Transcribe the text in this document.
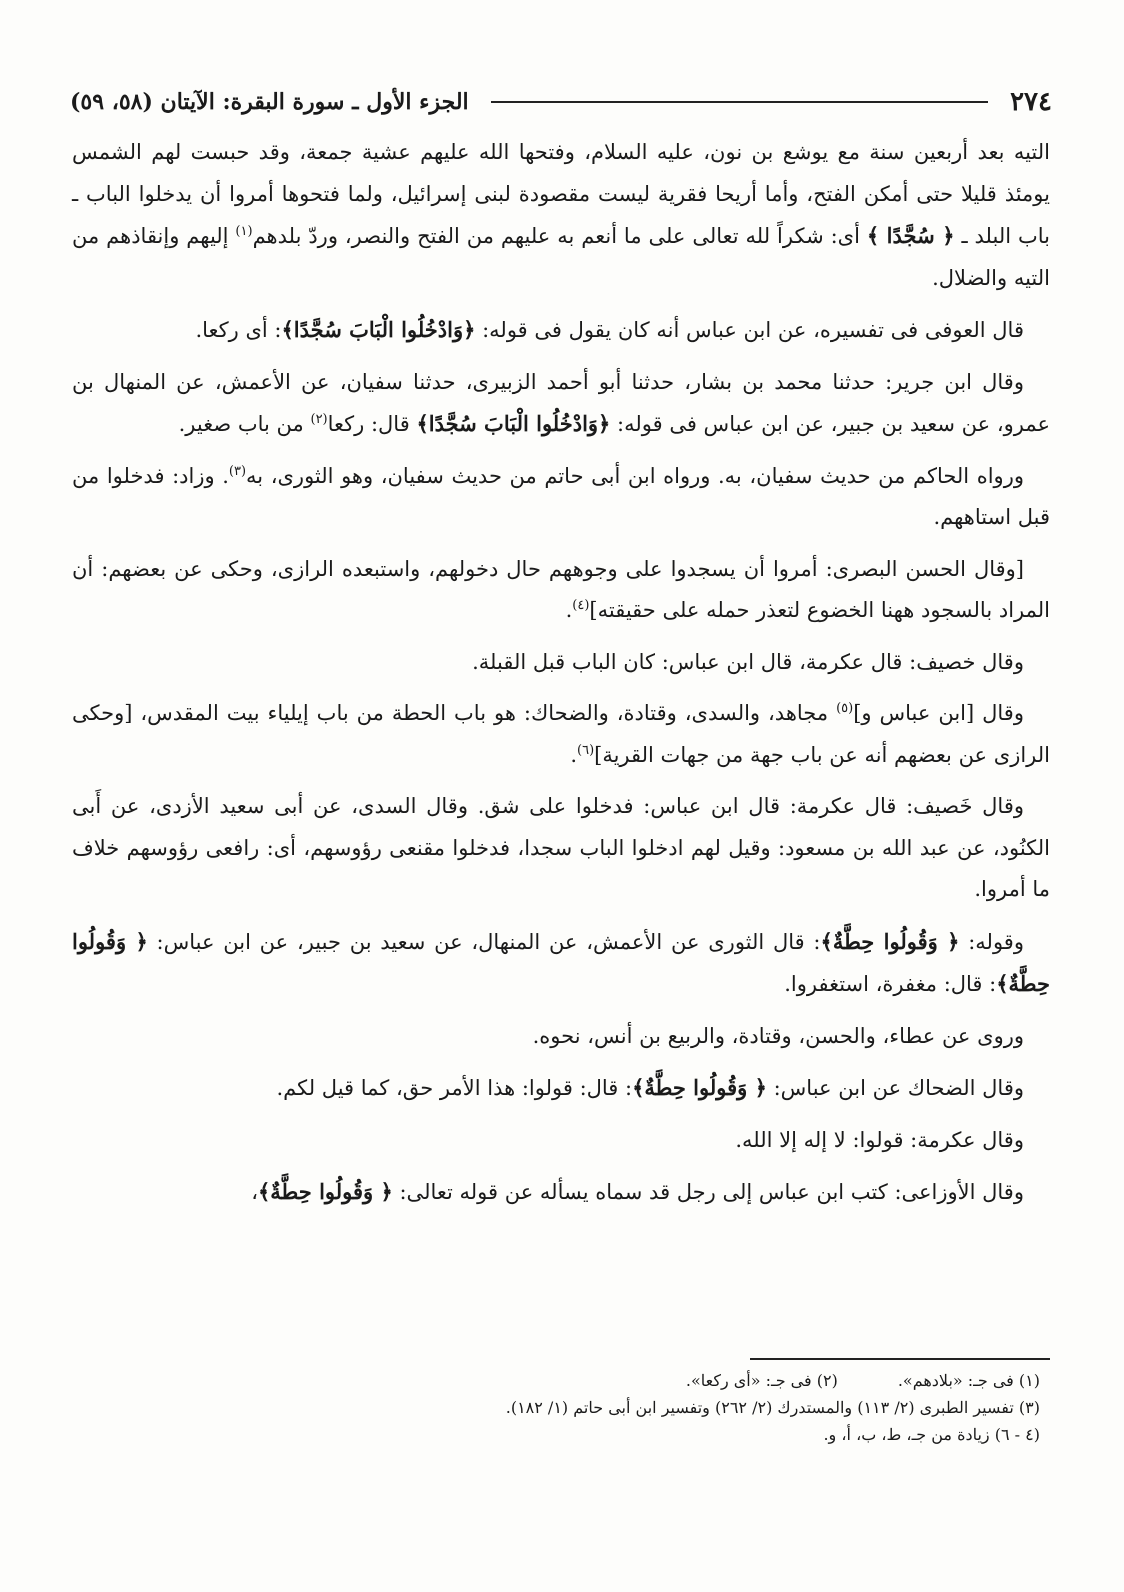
٢٧٤
الجزء الأول ـ سورة البقرة: الآيتان (٥٨، ٥٩)

التيه بعد أربعين سنة مع يوشع بن نون، عليه السلام، وفتحها الله عليهم عشية جمعة، وقد حبست لهم الشمس يومئذ قليلا حتى أمكن الفتح، وأما أريحا فقرية ليست مقصودة لبنى إسرائيل، ولما فتحوها أمروا أن يدخلوا الباب ـ باب البلد ـ ﴿ سُجَّدًا ﴾ أى: شكراً لله تعالى على ما أنعم به عليهم من الفتح والنصر، وردّ بلدهم$^{(١)}$ إليهم وإنقاذهم من التيه والضلال.

قال العوفى فى تفسيره، عن ابن عباس أنه كان يقول فى قوله: ﴿وَادْخُلُوا الْبَابَ سُجَّدًا﴾: أى ركعا.

وقال ابن جرير: حدثنا محمد بن بشار، حدثنا أبو أحمد الزبيرى، حدثنا سفيان، عن الأعمش، عن المنهال بن عمرو، عن سعيد بن جبير، عن ابن عباس فى قوله: ﴿وَادْخُلُوا الْبَابَ سُجَّدًا﴾ قال: ركعا$^{(٢)}$ من باب صغير.

ورواه الحاكم من حديث سفيان، به. ورواه ابن أبى حاتم من حديث سفيان، وهو الثورى، به$^{(٣)}$. وزاد: فدخلوا من قبل استاههم.

[وقال الحسن البصرى: أمروا أن يسجدوا على وجوههم حال دخولهم، واستبعده الرازى، وحكى عن بعضهم: أن المراد بالسجود ههنا الخضوع لتعذر حمله على حقيقته]$^{(٤)}$.

وقال خصيف: قال عكرمة، قال ابن عباس: كان الباب قبل القبلة.

وقال [ابن عباس و]$^{(٥)}$ مجاهد، والسدى، وقتادة، والضحاك: هو باب الحطة من باب إيلياء بيت المقدس، [وحكى الرازى عن بعضهم أنه عن باب جهة من جهات القرية]$^{(٦)}$.

وقال خَصيف: قال عكرمة: قال ابن عباس: فدخلوا على شق. وقال السدى، عن أبى سعيد الأزدى، عن أَبى الكنُود، عن عبد الله بن مسعود: وقيل لهم ادخلوا الباب سجدا، فدخلوا مقنعى رؤوسهم، أى: رافعى رؤوسهم خلاف ما أمروا.

وقوله: ﴿ وَقُولُوا حِطَّةٌ﴾: قال الثورى عن الأعمش، عن المنهال، عن سعيد بن جبير، عن ابن عباس: ﴿ وَقُولُوا حِطَّةٌ﴾: قال: مغفرة، استغفروا.

وروى عن عطاء، والحسن، وقتادة، والربيع بن أنس، نحوه.

وقال الضحاك عن ابن عباس: ﴿ وَقُولُوا حِطَّةٌ﴾: قال: قولوا: هذا الأمر حق، كما قيل لكم.

وقال عكرمة: قولوا: لا إله إلا الله.

وقال الأوزاعى: كتب ابن عباس إلى رجل قد سماه يسأله عن قوله تعالى: ﴿ وَقُولُوا حِطَّةٌ﴾،

(١) فى جـ: «بلادهم».(٢) فى جـ: «أى ركعا».
(٣) تفسير الطبرى (٢/ ١١٣) والمستدرك (٢/ ٢٦٢) وتفسير ابن أبى حاتم (١/ ١٨٢).
(٤ - ٦) زيادة من جـ، ط، ب، أ، و.
